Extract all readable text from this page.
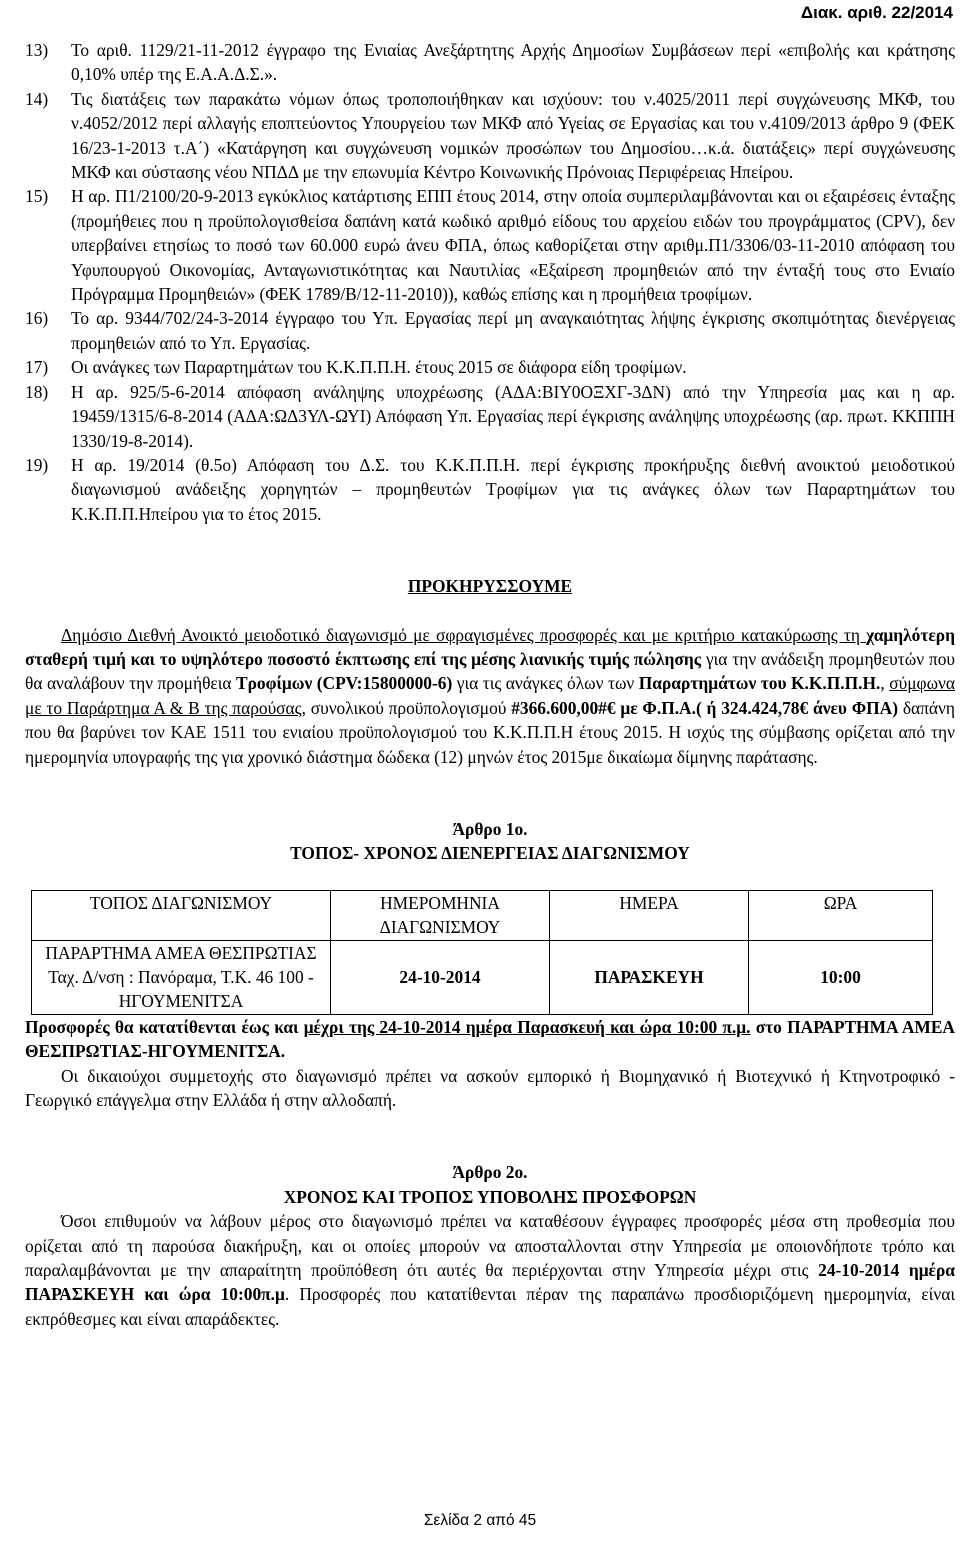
Διακ. αριθ. 22/2014
13) Το αριθ. 1129/21-11-2012 έγγραφο της Ενιαίας Ανεξάρτητης Αρχής Δημοσίων Συμβάσεων περί «επιβολής και κράτησης 0,10% υπέρ της Ε.Α.Α.Δ.Σ.».
14) Τις διατάξεις των παρακάτω νόμων όπως τροποποιήθηκαν και ισχύουν: του ν.4025/2011 περί συγχώνευσης ΜΚΦ, του ν.4052/2012 περί αλλαγής εποπτεύοντος Υπουργείου των ΜΚΦ από Υγείας σε Εργασίας και του ν.4109/2013 άρθρο 9 (ΦΕΚ 16/23-1-2013 τ.Α΄) «Κατάργηση και συγχώνευση νομικών προσώπων του Δημοσίου…κ.ά. διατάξεις» περί συγχώνευσης ΜΚΦ και σύστασης νέου ΝΠΔΔ με την επωνυμία Κέντρο Κοινωνικής Πρόνοιας Περιφέρειας Ηπείρου.
15) Η αρ. Π1/2100/20-9-2013 εγκύκλιος κατάρτισης ΕΠΠ έτους 2014, στην οποία συμπεριλαμβάνονται και οι εξαιρέσεις ένταξης (προμήθειες που η προϋπολογισθείσα δαπάνη κατά κωδικό αριθμό είδους του αρχείου ειδών του προγράμματος (CPV), δεν υπερβαίνει ετησίως το ποσό των 60.000 ευρώ άνευ ΦΠΑ, όπως καθορίζεται στην αριθμ.Π1/3306/03-11-2010 απόφαση του Υφυπουργού Οικονομίας, Ανταγωνιστικότητας και Ναυτιλίας «Εξαίρεση προμηθειών από την ένταξή τους στο Ενιαίο Πρόγραμμα Προμηθειών» (ΦΕΚ 1789/Β/12-11-2010)), καθώς επίσης και η προμήθεια τροφίμων.
16) Το αρ. 9344/702/24-3-2014 έγγραφο του Υπ. Εργασίας περί μη αναγκαιότητας λήψης έγκρισης σκοπιμότητας διενέργειας προμηθειών από το Υπ. Εργασίας.
17) Οι ανάγκες των Παραρτημάτων του Κ.Κ.Π.Π.Η. έτους 2015 σε διάφορα είδη τροφίμων.
18) Η αρ. 925/5-6-2014 απόφαση ανάληψης υποχρέωσης (ΑΔΑ:ΒΙΥ0ΟΞΧΓ-3ΔΝ) από την Υπηρεσία μας και η αρ. 19459/1315/6-8-2014 (ΑΔΑ:ΩΔ3ΥΛ-ΩΥΙ) Απόφαση Υπ. Εργασίας περί έγκρισης ανάληψης υποχρέωσης (αρ. πρωτ. ΚΚΠΠΗ 1330/19-8-2014).
19) Η αρ. 19/2014 (θ.5ο) Απόφαση του Δ.Σ. του Κ.Κ.Π.Π.Η. περί έγκρισης προκήρυξης διεθνή ανοικτού μειοδοτικού διαγωνισμού ανάδειξης χορηγητών – προμηθευτών Τροφίμων για τις ανάγκες όλων των Παραρτημάτων του Κ.Κ.Π.Π.Ηπείρου για το έτος 2015.

ΠΡΟΚΗΡΥΣΣΟΥΜΕ

Δημόσιο Διεθνή Ανοικτό μειοδοτικό διαγωνισμό με σφραγισμένες προσφορές και με κριτήριο κατακύρωσης τη χαμηλότερη σταθερή τιμή και το υψηλότερο ποσοστό έκπτωσης επί της μέσης λιανικής τιμής πώλησης για την ανάδειξη προμηθευτών που θα αναλάβουν την προμήθεια Τροφίμων (CPV:15800000-6) για τις ανάγκες όλων των Παραρτημάτων του Κ.Κ.Π.Π.Η., σύμφωνα με το Παράρτημα Α & Β της παρούσας, συνολικού προϋπολογισμού #366.600,00#€ με Φ.Π.Α.( ή 324.424,78€ άνευ ΦΠΑ) δαπάνη που θα βαρύνει τον ΚΑΕ 1511 του ενιαίου προϋπολογισμού του Κ.Κ.Π.Π.Η έτους 2015. Η ισχύς της σύμβασης ορίζεται από την ημερομηνία υπογραφής της για χρονικό διάστημα δώδεκα (12) μηνών έτος 2015με δικαίωμα δίμηνης παράτασης.

Άρθρο 1ο.

ΤΟΠΟΣ- ΧΡΟΝΟΣ ΔΙΕΝΕΡΓΕΙΑΣ ΔΙΑΓΩΝΙΣΜΟΥ

ΤΟΠΟΣ ΔΙΑΓΩΝΙΣΜΟΥ	ΗΜΕΡΟΜΗΝΙΑ ΔΙΑΓΩΝΙΣΜΟΥ	ΗΜΕΡΑ	ΩΡΑ
ΠΑΡΑΡΤΗΜΑ ΑΜΕΑ ΘΕΣΠΡΩΤΙΑΣ Ταχ. Δ/νση : Πανόραμα, Τ.Κ. 46 100 - ΗΓΟΥΜΕΝΙΤΣΑ	24-10-2014	ΠΑΡΑΣΚΕΥΗ	10:00

Προσφορές θα κατατίθενται έως και μέχρι της 24-10-2014 ημέρα Παρασκευή και ώρα 10:00 π.μ. στο ΠΑΡΑΡΤΗΜΑ ΑΜΕΑ ΘΕΣΠΡΩΤΙΑΣ-ΗΓΟΥΜΕΝΙΤΣΑ.

Οι δικαιούχοι συμμετοχής στο διαγωνισμό πρέπει να ασκούν εμπορικό ή Βιομηχανικό ή Βιοτεχνικό ή Κτηνοτροφικό - Γεωργικό επάγγελμα στην Ελλάδα ή στην αλλοδαπή.

Άρθρο 2ο.

ΧΡΟΝΟΣ ΚΑΙ ΤΡΟΠΟΣ ΥΠΟΒΟΛΗΣ ΠΡΟΣΦΟΡΩΝ

Όσοι επιθυμούν να λάβουν μέρος στο διαγωνισμό πρέπει να καταθέσουν έγγραφες προσφορές μέσα στη προθεσμία που ορίζεται από τη παρούσα διακήρυξη, και οι οποίες μπορούν να αποσταλλονται στην Υπηρεσία με οποιονδήποτε τρόπο και παραλαμβάνονται με την απαραίτητη προϋπόθεση ότι αυτές θα περιέρχονται στην Υπηρεσία μέχρι στις 24-10-2014 ημέρα ΠΑΡΑΣΚΕΥΗ και ώρα 10:00π.μ. Προσφορές που κατατίθενται πέραν της παραπάνω προσδιοριζόμενη ημερομηνία, είναι εκπρόθεσμες και είναι απαράδεκτες.

Σελίδα 2 από 45
